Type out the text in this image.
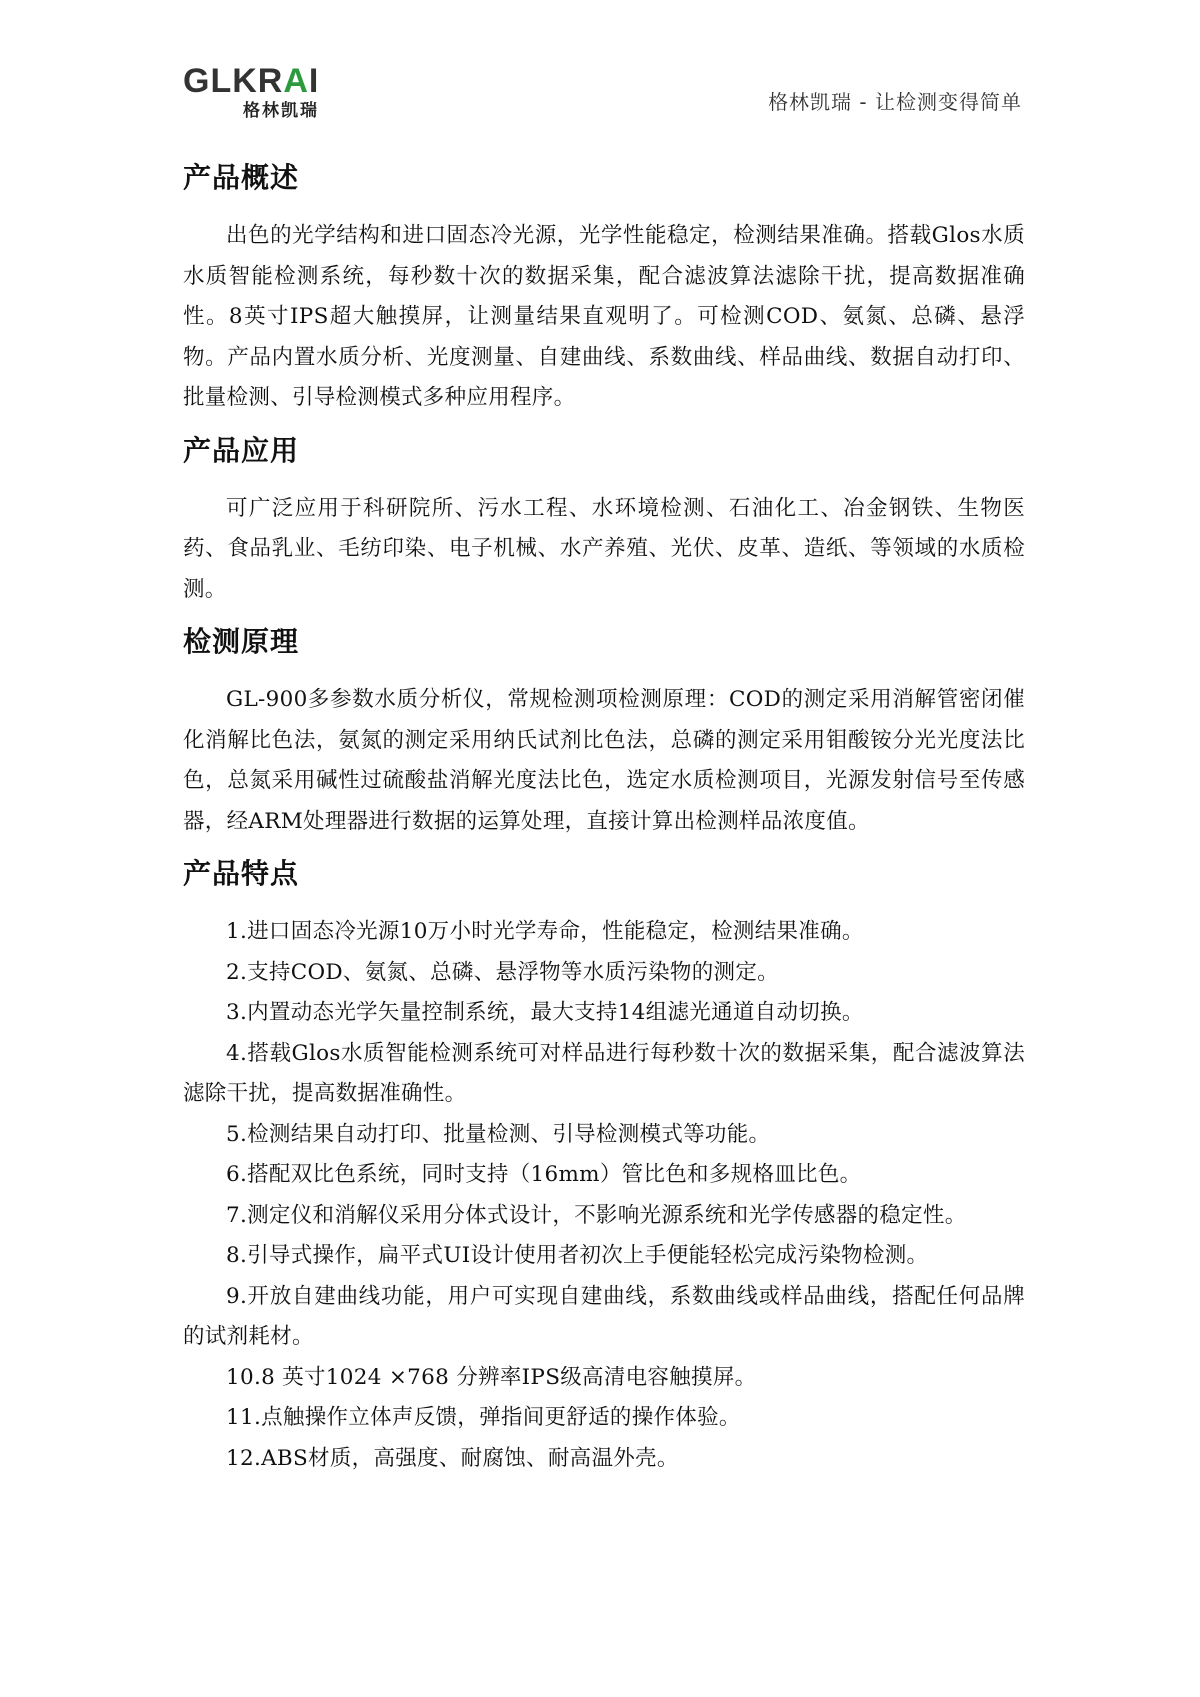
GLKRAI
格林凯瑞	格林凯瑞 - 让检测变得简单
产品概述

出色的光学结构和进口固态冷光源，光学性能稳定，检测结果准确。搭载Glos水质水质智能检测系统，每秒数十次的数据采集，配合滤波算法滤除干扰，提高数据准确性。8英寸IPS超大触摸屏，让测量结果直观明了。可检测COD、氨氮、总磷、悬浮物。产品内置水质分析、光度测量、自建曲线、系数曲线、样品曲线、数据自动打印、批量检测、引导检测模式多种应用程序。

产品应用

可广泛应用于科研院所、污水工程、水环境检测、石油化工、冶金钢铁、生物医药、食品乳业、毛纺印染、电子机械、水产养殖、光伏、皮革、造纸、等领域的水质检测。

检测原理

GL-900多参数水质分析仪，常规检测项检测原理：COD的测定采用消解管密闭催化消解比色法，氨氮的测定采用纳氏试剂比色法，总磷的测定采用钼酸铵分光光度法比色，总氮采用碱性过硫酸盐消解光度法比色，选定水质检测项目，光源发射信号至传感器，经ARM处理器进行数据的运算处理，直接计算出检测样品浓度值。

产品特点
1.进口固态冷光源10万小时光学寿命，性能稳定，检测结果准确。
2.支持COD、氨氮、总磷、悬浮物等水质污染物的测定。
3.内置动态光学矢量控制系统，最大支持14组滤光通道自动切换。
4.搭载Glos水质智能检测系统可对样品进行每秒数十次的数据采集，配合滤波算法滤除干扰，提高数据准确性。
5.检测结果自动打印、批量检测、引导检测模式等功能。
6.搭配双比色系统，同时支持（16mm）管比色和多规格皿比色。
7.测定仪和消解仪采用分体式设计，不影响光源系统和光学传感器的稳定性。
8.引导式操作，扁平式UI设计使用者初次上手便能轻松完成污染物检测。
9.开放自建曲线功能，用户可实现自建曲线，系数曲线或样品曲线，搭配任何品牌的试剂耗材。
10.8 英寸1024 ×768 分辨率IPS级高清电容触摸屏。
11.点触操作立体声反馈，弹指间更舒适的操作体验。
12.ABS材质，高强度、耐腐蚀、耐高温外壳。
